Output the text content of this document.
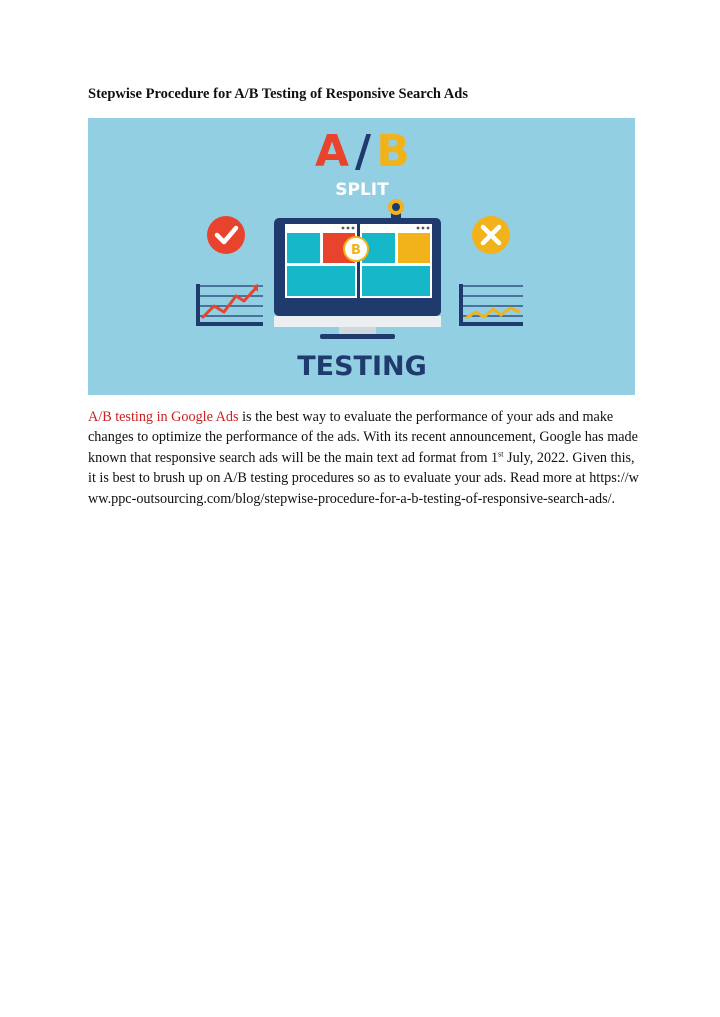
Stepwise Procedure for A/B Testing of Responsive Search Ads
A / B
SPLIT
B
TESTING

A/B testing in Google Ads is the best way to evaluate the performance of your ads and make changes to optimize the performance of the ads. With its recent announcement, Google has made known that responsive search ads will be the main text ad format from 1st July, 2022. Given this, it is best to brush up on A/B testing procedures so as to evaluate your ads. Read more at https://www.ppc-outsourcing.com/blog/stepwise-procedure-for-a-b-testing-of-responsive-search-ads/.
